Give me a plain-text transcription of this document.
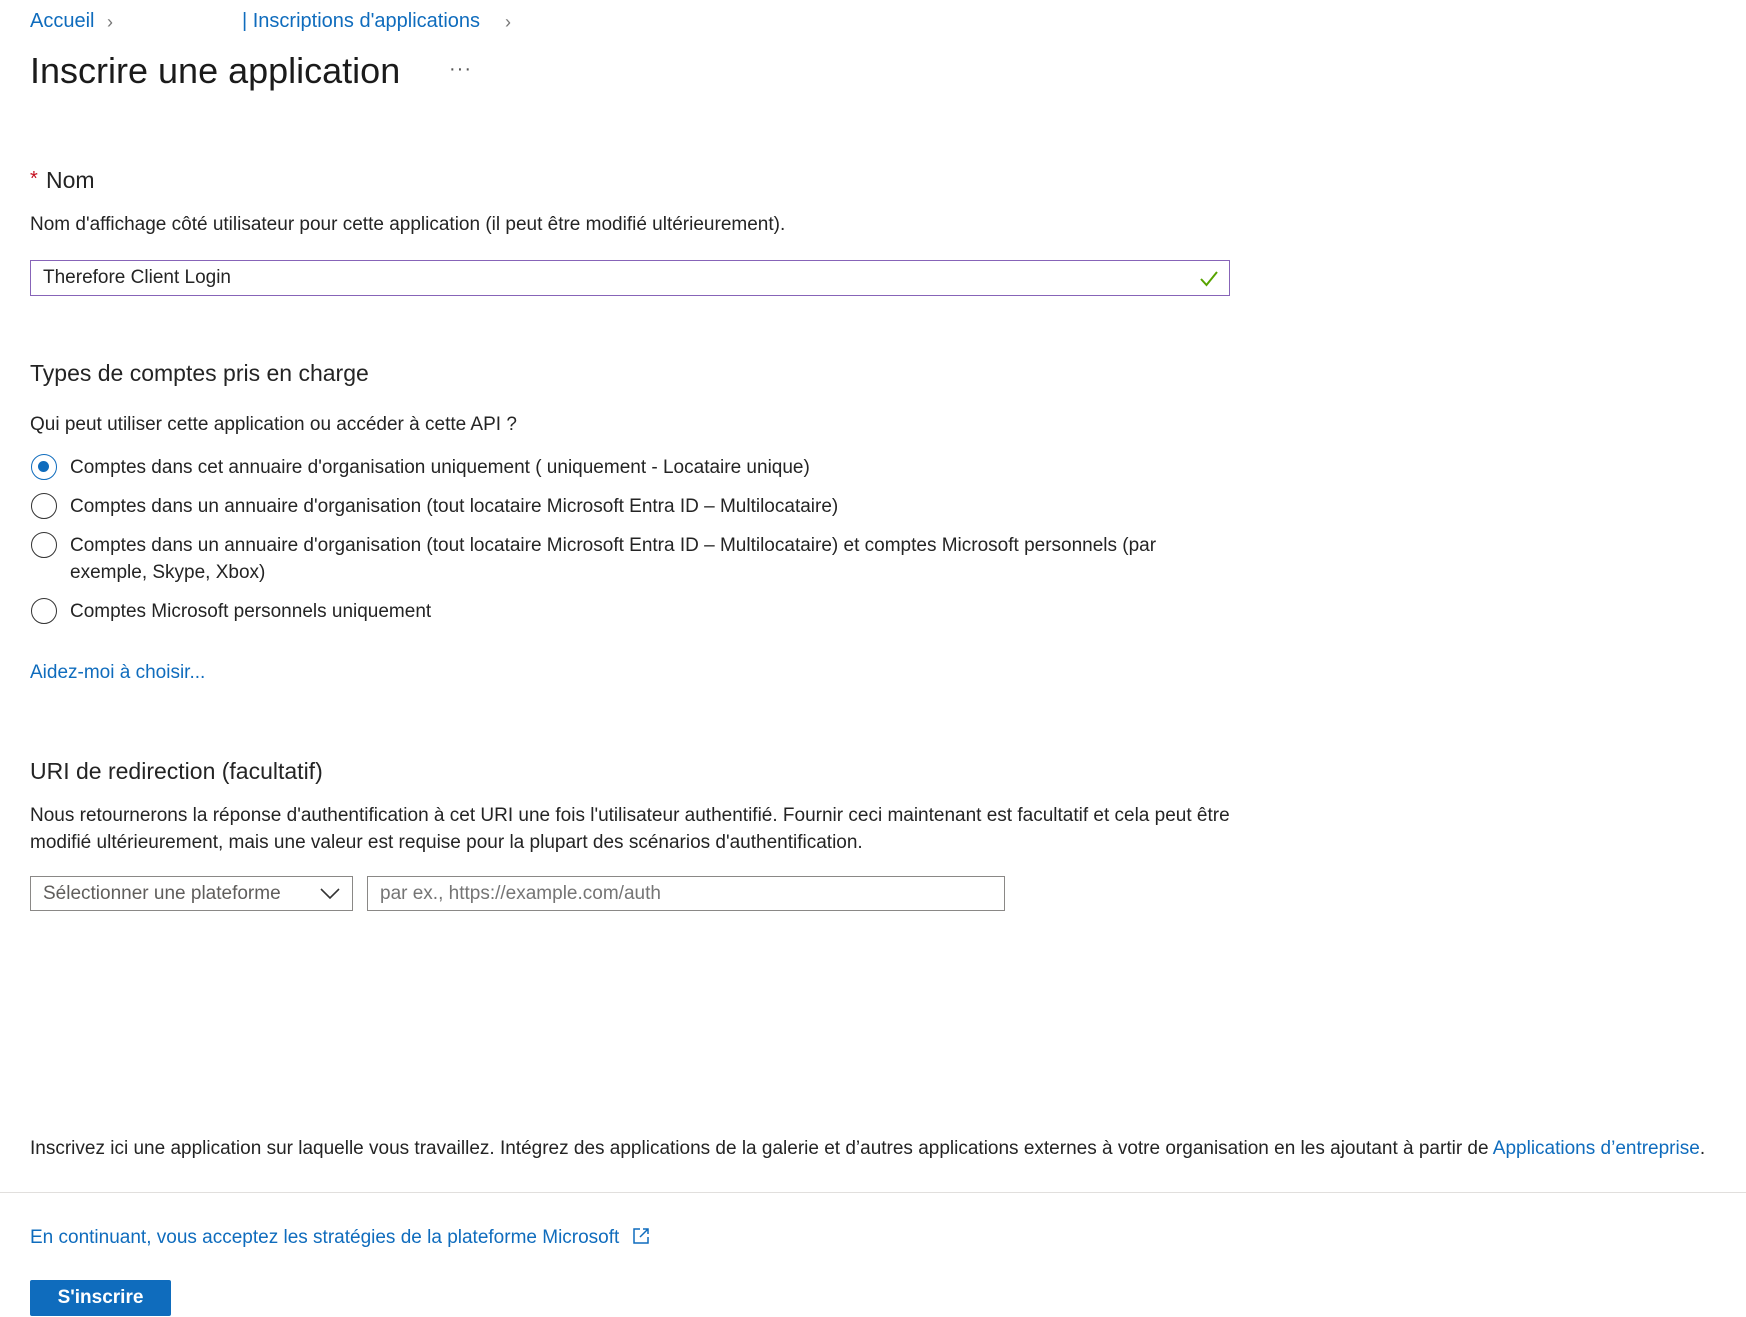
Accueil ›	| Inscriptions d'applications ›
Inscrire une application ···
* Nom
Nom d'affichage côté utilisateur pour cette application (il peut être modifié ultérieurement).
Therefore Client Login
Types de comptes pris en charge
Qui peut utiliser cette application ou accéder à cette API ?
Comptes dans cet annuaire d'organisation uniquement ( uniquement - Locataire unique)
Comptes dans un annuaire d'organisation (tout locataire Microsoft Entra ID – Multilocataire)
Comptes dans un annuaire d'organisation (tout locataire Microsoft Entra ID – Multilocataire) et comptes Microsoft personnels (par exemple, Skype, Xbox)
Comptes Microsoft personnels uniquement
Aidez-moi à choisir...
URI de redirection (facultatif)
Nous retournerons la réponse d'authentification à cet URI une fois l'utilisateur authentifié. Fournir ceci maintenant est facultatif et cela peut être modifié ultérieurement, mais une valeur est requise pour la plupart des scénarios d'authentification.
Sélectionner une plateforme
par ex., https://example.com/auth
Inscrivez ici une application sur laquelle vous travaillez. Intégrez des applications de la galerie et d’autres applications externes à votre organisation en les ajoutant à partir de Applications d’entreprise.
En continuant, vous acceptez les stratégies de la plateforme Microsoft
S'inscrire
